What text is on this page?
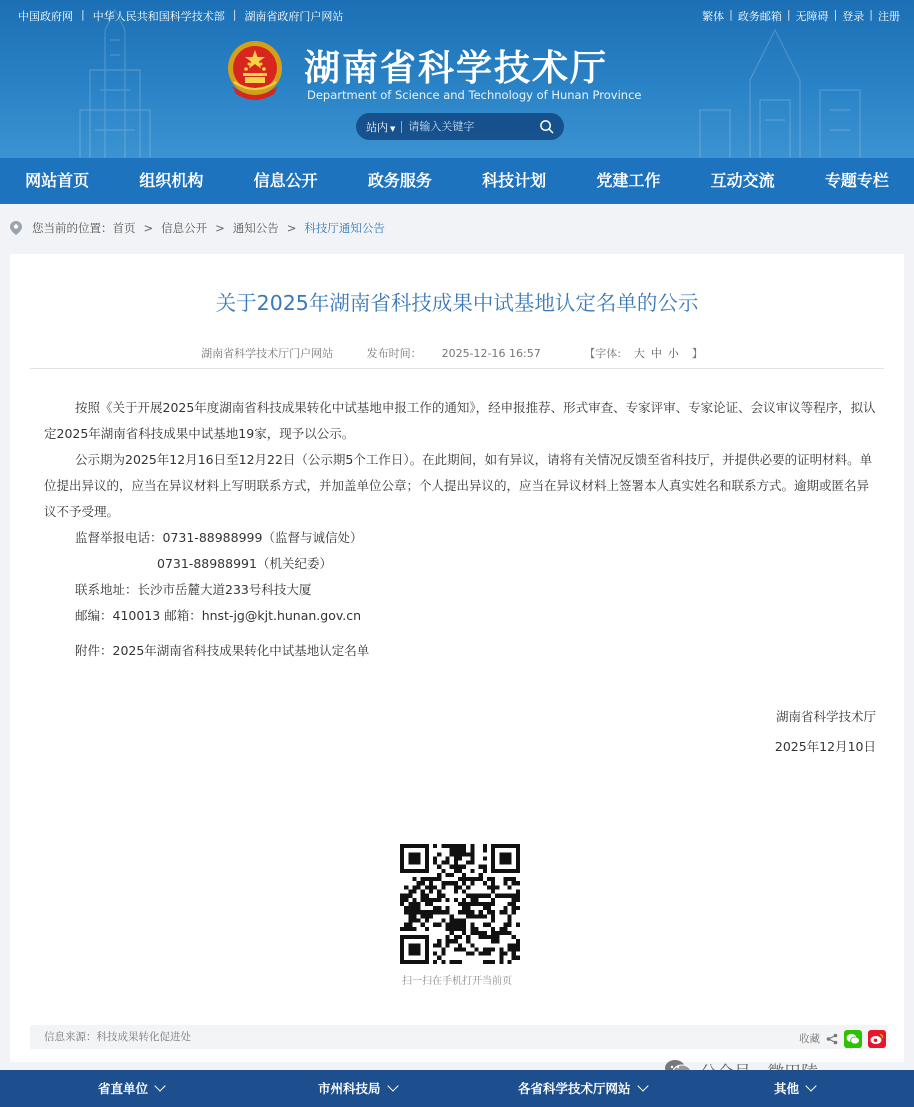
中国政府网 | 中华人民共和国科学技术部 | 湖南省政府门户网站	繁体 | 政务邮箱 | 无障碍 | 登录 | 注册
湖南省科学技术厅
Department of Science and Technology of Hunan Province
站内 ▼
请输入关键字
网站首页	组织机构	信息公开	政务服务	科技计划	党建工作	互动交流	专题专栏
您当前的位置： 首页 > 信息公开 > 通知公告 > 科技厅通知公告
关于2025年湖南省科技成果中试基地认定名单的公示
湖南省科学技术厅门户网站	发布时间： 2025-12-16 16:57	【字体: 大 中 小 】

按照《关于开展2025年度湖南省科技成果转化中试基地申报工作的通知》，经申报推荐、形式审查、专家评审、专家论证、会议审议等程序，拟认定2025年湖南省科技成果中试基地19家，现予以公示。

公示期为2025年12月16日至12月22日（公示期5个工作日）。在此期间，如有异议，请将有关情况反馈至省科技厅，并提供必要的证明材料。单位提出异议的，应当在异议材料上写明联系方式，并加盖单位公章；个人提出异议的，应当在异议材料上签署本人真实姓名和联系方式。逾期或匿名异议不予受理。

监督举报电话：0731-88988999（监督与诚信处）

0731-88988991（机关纪委）

联系地址：长沙市岳麓大道233号科技大厦

邮编：410013 邮箱：hnst-jg@kjt.hunan.gov.cn

附件：2025年湖南省科技成果转化中试基地认定名单

湖南省科学技术厅

2025年12月10日

扫一扫在手机打开当前页
信息来源：科技成果转化促进处	收藏
省直单位	市州科技局	各省科学技术厅网站	其他
